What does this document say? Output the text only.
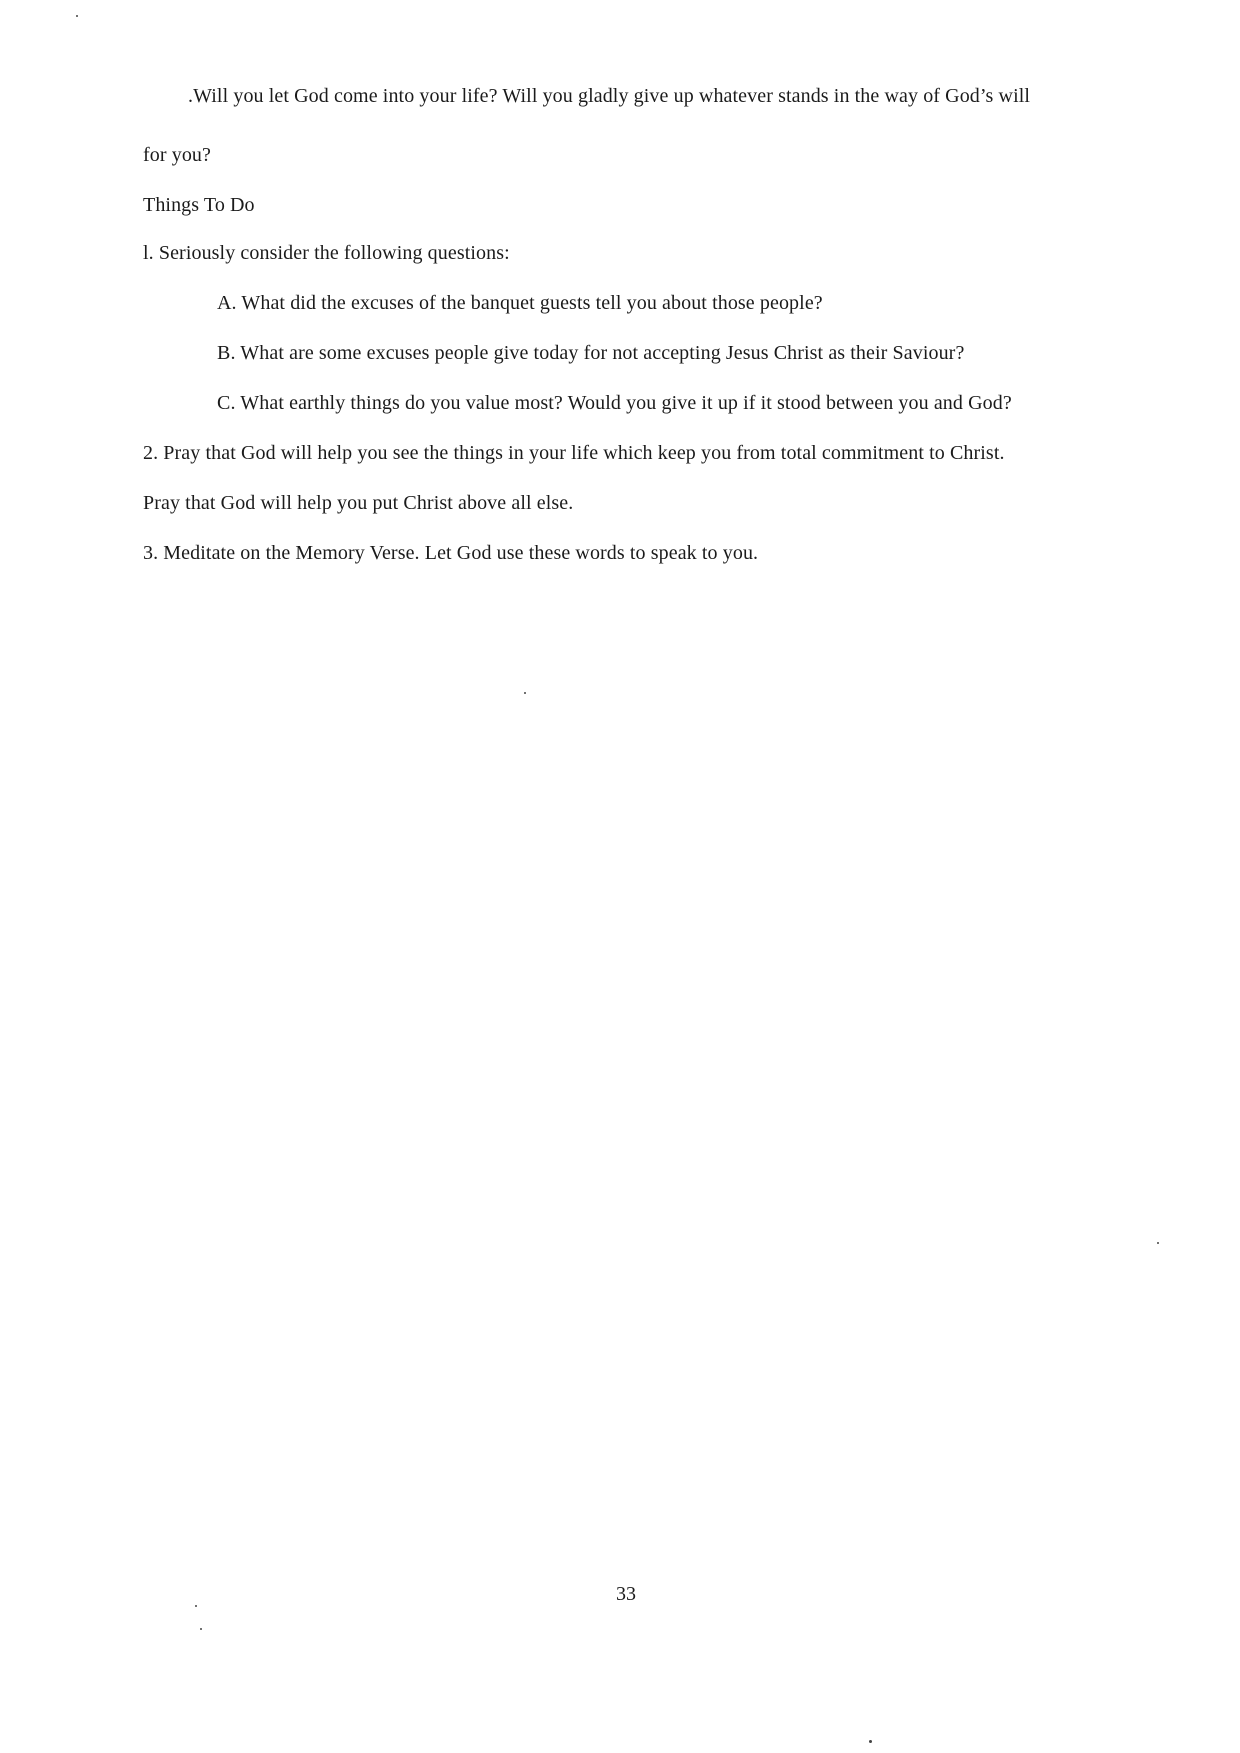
.Will you let God come into your life? Will you gladly give up whatever stands in the way of God’s will
for you?
Things To Do
l. Seriously consider the following questions:
A. What did the excuses of the banquet guests tell you about those people?
B. What are some excuses people give today for not accepting Jesus Christ as their Saviour?
C. What earthly things do you value most? Would you give it up if it stood between you and God?
2. Pray that God will help you see the things in your life which keep you from total commitment to Christ.
Pray that God will help you put Christ above all else.
3. Meditate on the Memory Verse. Let God use these words to speak to you.
33
